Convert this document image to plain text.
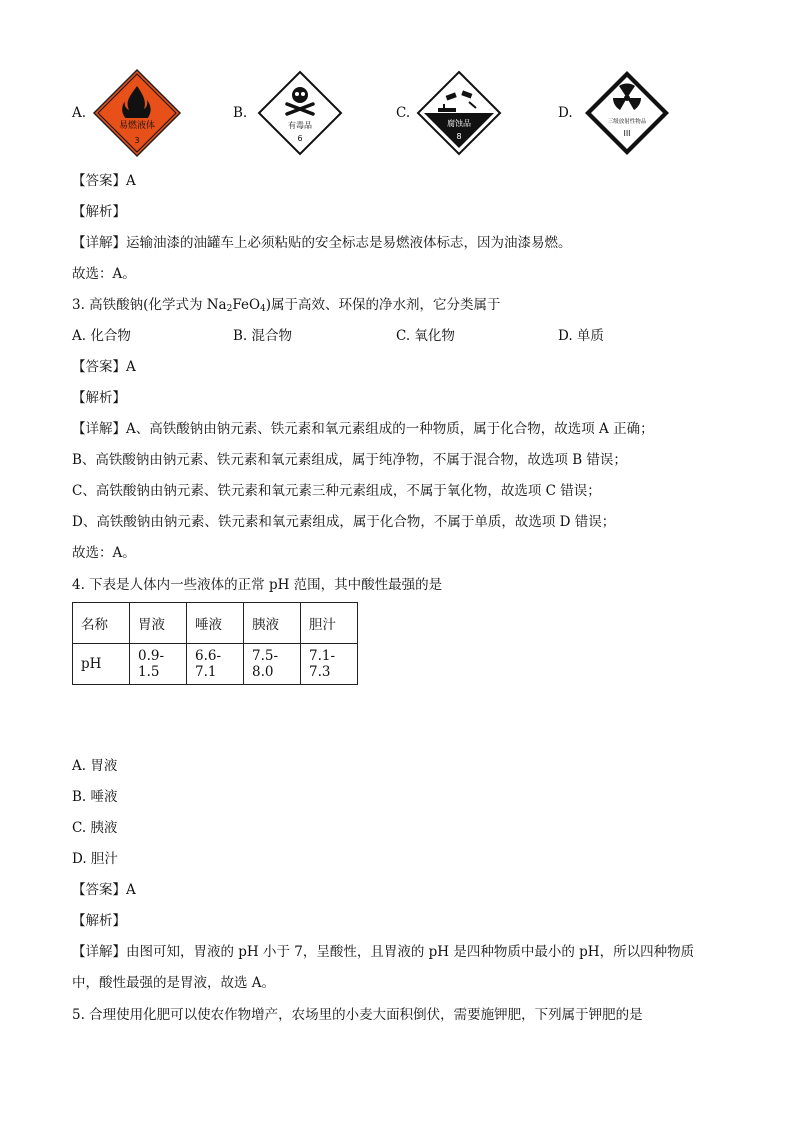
A.
易燃液体
3
B.
有毒品
6
C.
腐蚀品
8
D.
三级放射性物品
III
【答案】A
【解析】
【详解】运输油漆的油罐车上必须粘贴的安全标志是易燃液体标志，因为油漆易燃。
故选：A。
3. 高铁酸钠(化学式为 $Na_2FeO_4$)属于高效、环保的净水剂，它分类属于
A. 化合物	B. 混合物	C. 氧化物	D. 单质
【答案】A
【解析】
【详解】A、高铁酸钠由钠元素、铁元素和氧元素组成的一种物质，属于化合物，故选项 A 正确；
B、高铁酸钠由钠元素、铁元素和氧元素组成，属于纯净物，不属于混合物，故选项 B 错误；
C、高铁酸钠由钠元素、铁元素和氧元素三种元素组成，不属于氧化物，故选项 C 错误；
D、高铁酸钠由钠元素、铁元素和氧元素组成，属于化合物，不属于单质，故选项 D 错误；
故选：A。
4. 下表是人体内一些液体的正常 pH 范围，其中酸性最强的是
名称	胃液	唾液	胰液	胆汁
pH	0.9-1.5	6.6-7.1	7.5-8.0	7.1-7.3
A. 胃液
B. 唾液
C. 胰液
D. 胆汁
【答案】A
【解析】
【详解】由图可知，胃液的 pH 小于 7，呈酸性，且胃液的 pH 是四种物质中最小的 pH，所以四种物质
中，酸性最强的是胃液，故选 A。
5. 合理使用化肥可以使农作物增产，农场里的小麦大面积倒伏，需要施钾肥，下列属于钾肥的是
